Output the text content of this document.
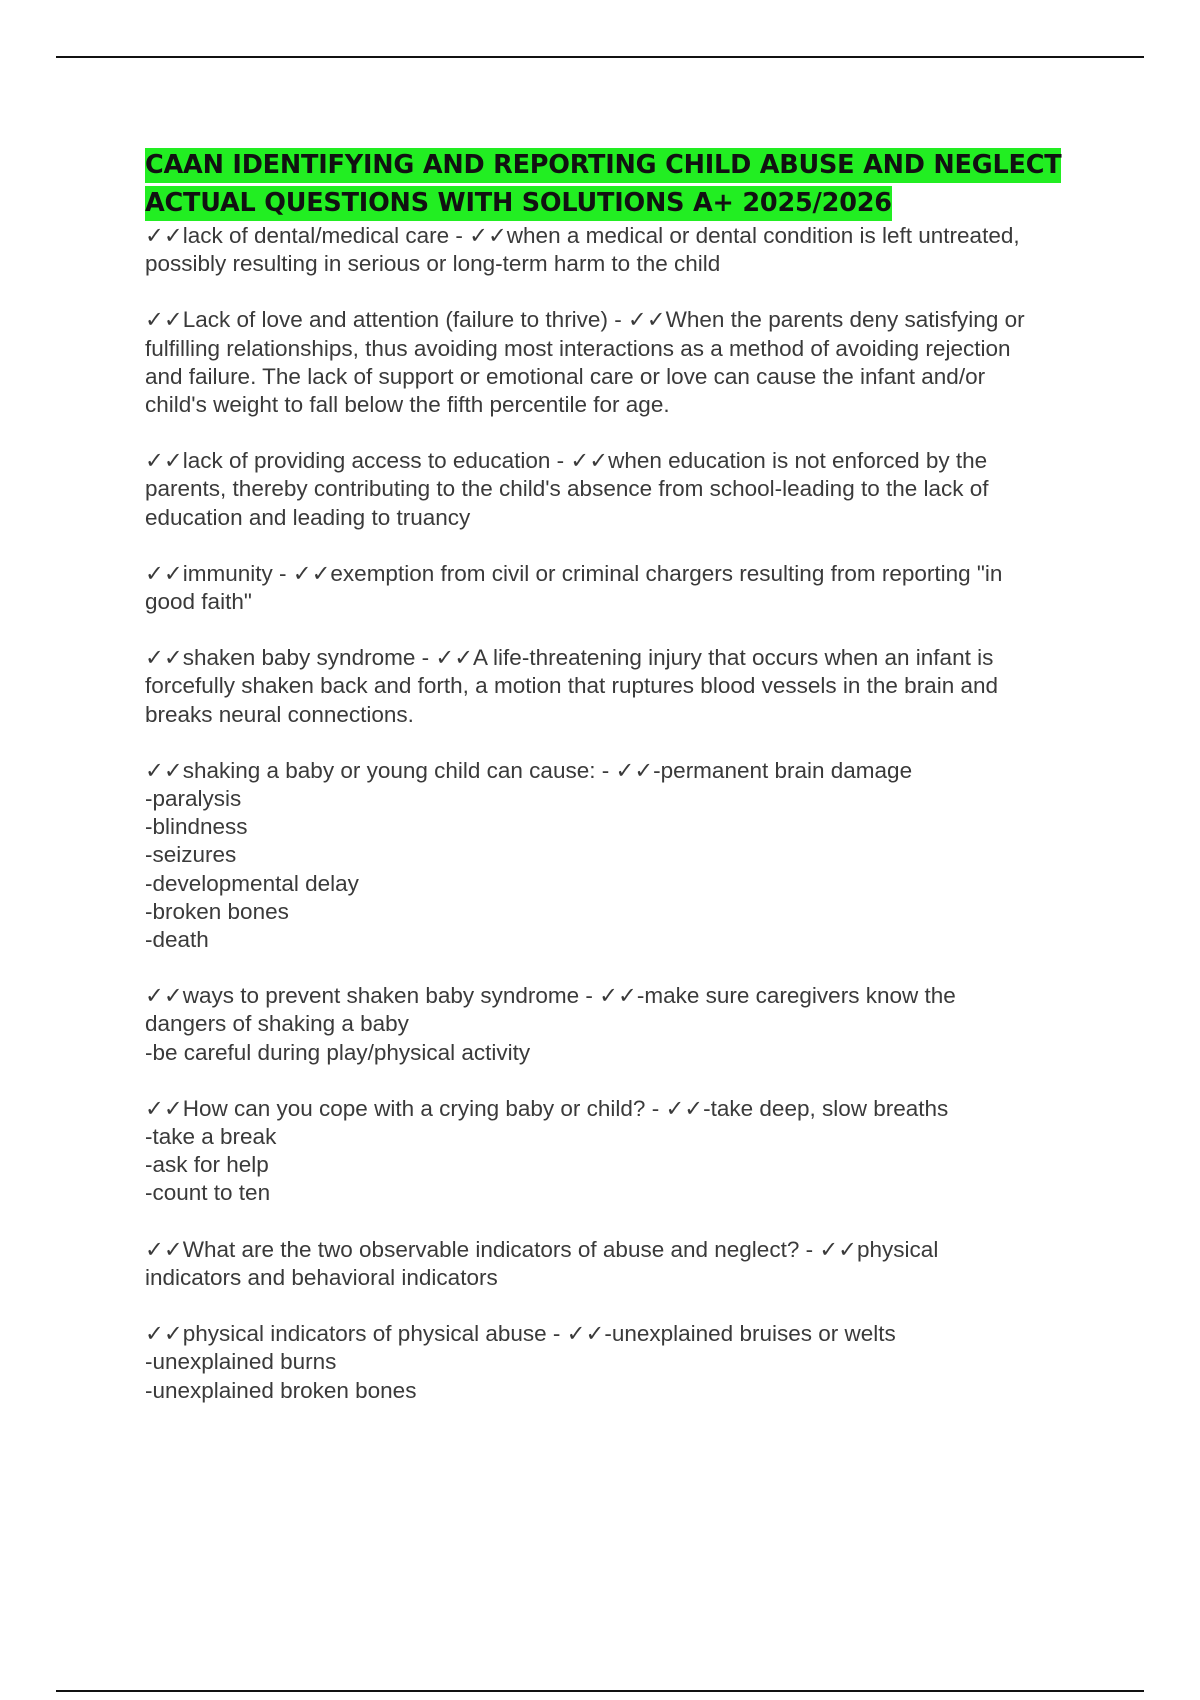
CAAN IDENTIFYING AND REPORTING CHILD ABUSE AND NEGLECT
ACTUAL QUESTIONS WITH SOLUTIONS A+ 2025/2026
✓✓lack of dental/medical care - ✓✓when a medical or dental condition is left untreated,
possibly resulting in serious or long-term harm to the child
✓✓Lack of love and attention (failure to thrive) - ✓✓When the parents deny satisfying or
fulfilling relationships, thus avoiding most interactions as a method of avoiding rejection
and failure. The lack of support or emotional care or love can cause the infant and/or
child's weight to fall below the fifth percentile for age.
✓✓lack of providing access to education - ✓✓when education is not enforced by the
parents, thereby contributing to the child's absence from school-leading to the lack of
education and leading to truancy
✓✓immunity - ✓✓exemption from civil or criminal chargers resulting from reporting "in
good faith"
✓✓shaken baby syndrome - ✓✓A life-threatening injury that occurs when an infant is
forcefully shaken back and forth, a motion that ruptures blood vessels in the brain and
breaks neural connections.
✓✓shaking a baby or young child can cause: - ✓✓-permanent brain damage
-paralysis
-blindness
-seizures
-developmental delay
-broken bones
-death
✓✓ways to prevent shaken baby syndrome - ✓✓-make sure caregivers know the
dangers of shaking a baby
-be careful during play/physical activity
✓✓How can you cope with a crying baby or child? - ✓✓-take deep, slow breaths
-take a break
-ask for help
-count to ten
✓✓What are the two observable indicators of abuse and neglect? - ✓✓physical
indicators and behavioral indicators
✓✓physical indicators of physical abuse - ✓✓-unexplained bruises or welts
-unexplained burns
-unexplained broken bones
